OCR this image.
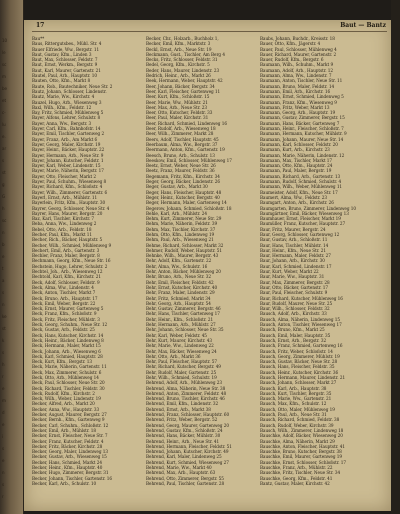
10
le
sc
m
be
et
c-
lu
e.
ar
s
st
g
G
h
sc
n
b
e
t
a
s
n
ke
st
k
s
h
r
e
m
d
e
i
s
e
n
s
r
17	Baut — Bantz
Bau**
Baus, Rittergutsbes., Mühl. Str. 4
Bauer Elfriede, Ww., Bergstr. 11
Baut, Gustav, Kfm., Linden 3
Baut, Max, Schlosser, Feldstr. 7
Baut, Ernst, Werkm., Bergstr. 9
Baut, Karl, Maurer, Gartenstr. 21
Bautel, Paul, Arb., Hauptstr. 10
Bauten, Otto, Kfm., Markt 8
Baute, Rob., Bautechniker, Neue Str. 2
Bautz, Johann, Schlosser, Lindenstr.
Bautz, Marie, Ww., Kirchstr. 4
Bauzel, Hugo, Arb., Wiesenweg 3
Baxl, Wilh., Kfm., Feldstr. 12
Bay, Fritz, Schmied, Mühlenweg 5
Bayer, Alfons, Lehrer, Schulstr. 8
Bayer, Anna, Ww., Bergstr. 3
Bayer, Carl, Kfm., Bahnhofstr. 14
Bayer, Emil, Tischler, Gartenweg 2
Bayer, Franz, Arb., Am Markt 6
Bayer, Georg, Maler, Kirchstr. 19
Bayer, Heinr., Bäcker, Hauptstr. 22
Bayer, Hermann, Arb., Neue Str. 9
Bayer, Johann, Kutscher, Feldstr. 1
Bayer, Karl, Weber, Lindenstr. 15
Bayer, Marie, Näherin, Bergstr. 17
Bayer, Otto, Fleischer, Markt 2
Bayer, Paul, Schuhm., Wiesenweg 8
Bayer, Richard, Kfm., Schloßstr. 4
Bayer, Wilh., Zimmerer, Gartenstr. 6
Bayerl, Ernst, Arb., Mühlstr. 11
Bayerlein, Fritz, Kfm., Hauptstr. 30
Bayrer, Georg, Schlosser, Neue Str. 4
Bayrer, Hans, Maurer, Bergstr. 20
Baz, Karl, Tischler, Kirchstr. 7
Beba, Anna, Ww., Lindenweg 2
Bebel, Otto, Arb., Feldstr. 18
Becher, Paul, Kfm., Markt 11
Becher, Rich., Bäcker, Hauptstr. 5
Becher, Wilh., Schmied, Mühlenweg 9
Bechert, Emil, Arb., Gartenstr. 3
Bechler, Franz, Maler, Bergstr. 8
Bechmann, Georg, Kfm., Neue Str. 16
Bechstein, Hugo, Lehrer, Schulstr. 2
Bechtel, Joh., Arb., Wiesenweg 12
Bechtold, Karl, Kfm., Kirchstr. 21
Beck, Adolf, Schlosser, Feldstr. 9
Beck, Alma, Ww., Lindenstr. 4
Beck, Anton, Tischler, Markt 7
Beck, Bruno, Arb., Hauptstr. 17
Beck, Emil, Weber, Bergstr. 22
Beck, Ernst, Maurer, Gartenweg 5
Beck, Franz, Kfm., Schloßstr. 9
Beck, Fritz, Fleischer, Mühlstr. 3
Beck, Georg, Schuhm., Neue Str. 12
Beck, Gustav, Arb., Feldstr. 25
Beck, Hans, Kutscher, Kirchstr. 14
Beck, Heinr., Bäcker, Lindenweg 8
Beck, Hermann, Maler, Markt 15
Beck, Johann, Arb., Wiesenweg 6
Beck, Karl, Schmied, Hauptstr. 28
Beck, Kurt, Kfm., Bergstr. 13
Beck, Marie, Näherin, Gartenstr. 11
Beck, Max, Zimmerer, Schulstr. 6
Beck, Otto, Arb., Mühlenweg 14
Beck, Paul, Schlosser, Neue Str. 20
Beck, Richard, Tischler, Feldstr. 30
Beck, Rudolf, Kfm., Kirchstr. 2
Beck, Wilh., Weber, Lindenstr. 19
Becker, Alfred, Arb., Markt 20
Becker, Anna, Ww., Hauptstr. 33
Becker, August, Maurer, Bergstr. 27
Becker, Bernh., Kfm., Gartenweg 9
Becker, Carl, Schuhm., Schloßstr. 12
Becker, Emil, Arb., Mühlstr. 18
Becker, Ernst, Fleischer, Neue Str. 7
Becker, Franz, Kutscher, Feldstr. 4
Becker, Fritz, Bäcker, Kirchstr. 28
Becker, Georg, Maler, Lindenweg 13
Becker, Gustav, Arb., Wiesenweg 15
Becker, Hans, Schmied, Markt 24
Becker, Heinr., Kfm., Hauptstr. 40
Becker, Hugo, Zimmerer, Bergstr. 31
Becker, Johann, Tischler, Gartenstr. 16
Becker, Karl, Arb., Schulstr. 10
Becker, Chr., Holzarb., Buchholz 1,
Becker, Emil, Kfm., Marktstr. 3
Beckl, Ernst, Arb., Neue Str. 19
Beckmann, Gust., Tischler, Am Berg 4
Becks, Fritz, Schlosser, Feldstr. 31
Bedel, Georg, Kfm., Kirchstr. 5
Beder, Hans, Maurer, Lindenstr. 23
Bedrich, Heinr., Arb., Markt 26
Beek, Hermann, Weber, Hauptstr. 42
Beer, Johann, Bäcker, Bergstr. 34
Beer, Karl, Fleischer, Gartenweg 11
Beer, Kurt, Kfm., Schloßstr. 15
Beer, Marie, Ww., Mühlstr. 21
Beer, Max, Arb., Neue Str. 23
Beer, Otto, Kutscher, Feldstr. 33
Beer, Paul, Maler, Kirchstr. 31
Beer, Richard, Schmied, Lindenweg 16
Beer, Rudolf, Arb., Wiesenweg 18
Beer, Wilh., Zimmerer, Markt 28
Beers, Adolf, Tischler, Hauptstr. 45
Beerbaum, Alma, Ww., Bergstr. 37
Beermann, Anton, Kfm., Gartenstr. 19
Beesch, Bruno, Arb., Schulstr. 13
Beeskow, Emil, Schlosser, Mühlenweg 17
Beetz, Ernst, Weber, Neue Str. 26
Beetz, Franz, Maurer, Feldstr. 36
Begemann, Fritz, Kfm., Kirchstr. 34
Beger, Georg, Bäcker, Lindenstr. 26
Beger, Gustav, Arb., Markt 30
Beger, Hans, Fleischer, Hauptstr. 48
Beger, Heinr., Kutscher, Bergstr. 40
Beger, Hermann, Maler, Gartenweg 14
Begerow, Johann, Schmied, Schloßstr. 18
Behle, Karl, Arb., Mühlstr. 24
Behm, Kurt, Zimmerer, Neue Str. 29
Behm, Marie, Näherin, Feldstr. 39
Behm, Max, Tischler, Kirchstr. 37
Behm, Otto, Kfm., Lindenweg 19
Behm, Paul, Arb., Wiesenweg 21
Behme, Richard, Schlosser, Markt 32
Behmer, Rudolf, Weber, Hauptstr. 51
Behnke, Wilh., Maurer, Bergstr. 43
Behr, Adolf, Kfm., Gartenstr. 22
Behr, Alma, Ww., Schulstr. 16
Behr, Anton, Bäcker, Mühlenweg 20
Behr, Bruno, Arb., Neue Str. 32
Behr, Emil, Fleischer, Feldstr. 42
Behr, Ernst, Kutscher, Kirchstr. 40
Behr, Franz, Maler, Lindenstr. 29
Behr, Fritz, Schmied, Markt 34
Behr, Georg, Arb., Hauptstr. 54
Behr, Gustav, Zimmerer, Bergstr. 46
Behr, Hans, Tischler, Gartenweg 17
Behr, Heinr., Kfm., Schloßstr. 21
Behr, Hermann, Arb., Mühlstr. 27
Behr, Johann, Schlosser, Neue Str. 35
Behr, Karl, Weber, Feldstr. 45
Behr, Kurt, Maurer, Kirchstr. 43
Behr, Marie, Ww., Lindenweg 22
Behr, Max, Bäcker, Wiesenweg 24
Behr, Otto, Arb., Markt 36
Behr, Paul, Fleischer, Hauptstr. 57
Behr, Richard, Kutscher, Bergstr. 49
Behr, Rudolf, Maler, Gartenstr. 25
Behr, Wilh., Schmied, Schulstr. 19
Behrend, Adolf, Arb., Mühlenweg 23
Behrend, Alma, Näherin, Neue Str. 38
Behrend, Anton, Zimmerer, Feldstr. 48
Behrend, Bruno, Tischler, Kirchstr. 46
Behrend, Emil, Kfm., Lindenstr. 32
Behrend, Ernst, Arb., Markt 38
Behrend, Franz, Schlosser, Hauptstr. 60
Behrend, Fritz, Weber, Bergstr. 52
Behrend, Georg, Maurer, Gartenweg 20
Behrend, Gustav, Kfm., Schloßstr. 24
Behrend, Hans, Bäcker, Mühlstr. 30
Behrend, Heinr., Arb., Neue Str. 41
Behrend, Hermann, Fleischer, Feldstr. 51
Behrend, Johann, Kutscher, Kirchstr. 49
Behrend, Karl, Maler, Lindenweg 25
Behrend, Kurt, Schmied, Wiesenweg 27
Behrend, Marie, Ww., Markt 40
Behrend, Max, Arb., Hauptstr. 63
Behrend, Otto, Zimmerer, Bergstr. 55
Behrend, Paul, Tischler, Gartenstr. 28
Baubs, Johann, Buchdr., Kreisstr. 18
Bauer, Otto, Kfm., Jägerstr. 4
Bauer, Paul, Schlosser, Mühlenweg 4
Bauer, Richard, Maurer, Gartenstr. 2
Bauer, Rudolf, Kfm., Bergstr. 6
Baumann, Wilh., Schuhm., Markt 9
Baumann, Adolf, Arb., Hauptstr. 12
Baumann, Alma, Ww., Lindenstr. 7
Baumann, Anton, Tischler, Neue Str. 11
Baumann, Bruno, Maler, Feldstr. 14
Baumann, Emil, Arb., Kirchstr. 16
Baumann, Ernst, Schmied, Lindenweg 5
Baumann, Franz, Kfm., Wiesenweg 9
Baumann, Fritz, Weber, Markt 13
Baumann, Georg, Arb., Hauptstr. 19
Baumann, Gustav, Zimmerer, Bergstr. 15
Baumann, Hans, Bäcker, Gartenweg 7
Baumann, Heinr., Fleischer, Schloßstr. 7
Baumann, Hermann, Kutscher, Mühlstr. 9
Baumann, Johann, Maurer, Neue Str. 14
Baumann, Karl, Schlosser, Feldstr. 20
Baumann, Kurt, Arb., Kirchstr. 23
Baumann, Marie, Näherin, Lindenstr. 12
Baumann, Max, Tischler, Markt 17
Baumann, Otto, Kfm., Hauptstr. 24
Baumann, Paul, Maler, Bergstr. 19
Baumann, Richard, Arb., Gartenstr. 13
Baumann, Rudolf, Schmied, Schulstr. 4
Baumann, Wilh., Weber, Mühlenweg 11
Baumeister, Adolf, Kfm., Neue Str. 17
Baumert, Alma, Ww., Feldstr. 23
Baumgart, Anton, Arb., Kirchstr. 26
Baumgarten, Bruno, Zimmerer, Lindenweg 10
Baumgärtner, Emil, Bäcker, Wiesenweg 13
Baumhauer, Ernst, Fleischer, Markt 19
Baumüller, Franz, Kutscher, Hauptstr. 27
Baur, Fritz, Maurer, Bergstr. 24
Baur, Georg, Schlosser, Gartenweg 12
Baur, Gustav, Arb., Schloßstr. 11
Baur, Hans, Tischler, Mühlstr. 14
Baur, Heinr., Kfm., Neue Str. 21
Baur, Hermann, Maler, Feldstr. 27
Baur, Johann, Arb., Kirchstr. 30
Baur, Karl, Schmied, Lindenstr. 17
Baur, Kurt, Weber, Markt 22
Baur, Marie, Ww., Hauptstr. 31
Baur, Max, Zimmerer, Bergstr. 28
Baur, Otto, Bäcker, Gartenstr. 17
Baur, Paul, Fleischer, Schulstr. 9
Baur, Richard, Kutscher, Mühlenweg 16
Baur, Rudolf, Maurer, Neue Str. 25
Baur, Wilh., Schlosser, Feldstr. 32
Bausch, Adolf, Arb., Kirchstr. 33
Bausch, Alma, Näherin, Lindenweg 15
Bausch, Anton, Tischler, Wiesenweg 17
Bausch, Bruno, Kfm., Markt 25
Bausch, Emil, Maler, Hauptstr. 35
Bausch, Ernst, Arb., Bergstr. 32
Bausch, Franz, Schmied, Gartenweg 16
Bausch, Fritz, Weber, Schloßstr. 14
Bausch, Georg, Zimmerer, Mühlstr. 19
Bausch, Gustav, Bäcker, Neue Str. 28
Bausch, Hans, Fleischer, Feldstr. 35
Bausch, Heinr., Kutscher, Kirchstr. 36
Bausch, Hermann, Maurer, Lindenstr. 21
Bausch, Johann, Schlosser, Markt 27
Bausch, Karl, Arb., Hauptstr. 38
Bausch, Kurt, Tischler, Bergstr. 35
Bausch, Marie, Ww., Gartenstr. 21
Bausch, Max, Kfm., Schulstr. 12
Bausch, Otto, Maler, Mühlenweg 19
Bausch, Paul, Arb., Neue Str. 31
Bausch, Richard, Schmied, Feldstr. 38
Bausch, Rudolf, Weber, Kirchstr. 39
Bausch, Wilh., Zimmerer, Lindenweg 18
Bauschke, Adolf, Bäcker, Wiesenweg 20
Bauschke, Alma, Näherin, Markt 29
Bauschke, Anton, Fleischer, Hauptstr. 41
Bauschke, Bruno, Kutscher, Bergstr. 38
Bauschke, Emil, Maurer, Gartenweg 19
Bauschke, Ernst, Schlosser, Schloßstr. 17
Bauschke, Franz, Arb., Mühlstr. 22
Bauschke, Fritz, Tischler, Neue Str. 34
Bauschke, Georg, Kfm., Feldstr. 41
Bantz, Gustav, Maler, Kirchstr. 42
